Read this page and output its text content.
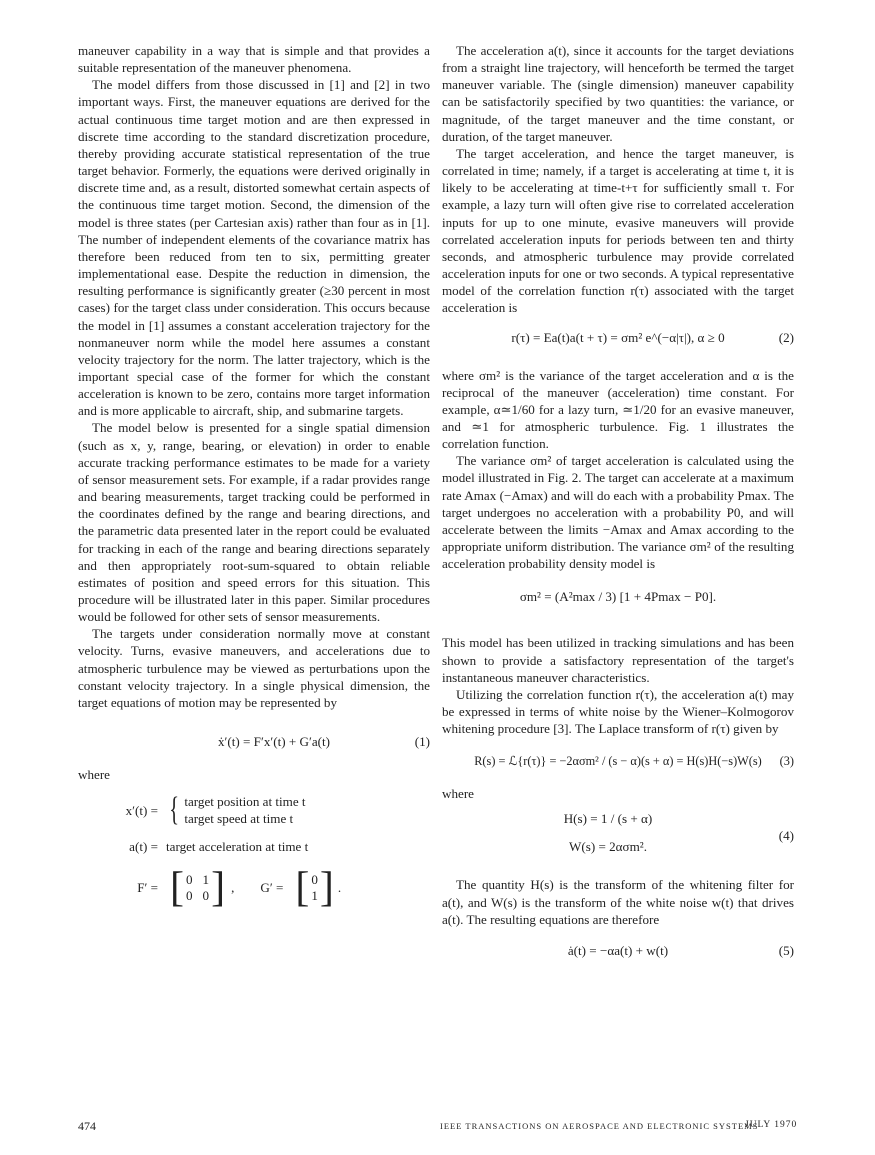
maneuver capability in a way that is simple and that provides a suitable representation of the maneuver phenomena.

The model differs from those discussed in [1] and [2] in two important ways. First, the maneuver equations are derived for the actual continuous time target motion and are then expressed in discrete time according to the standard discretization procedure, thereby providing accurate statistical representation of the true target behavior. Formerly, the equations were derived originally in discrete time and, as a result, distorted somewhat certain aspects of the continuous time target motion. Second, the dimension of the model is three states (per Cartesian axis) rather than four as in [1]. The number of independent elements of the covariance matrix has therefore been reduced from ten to six, permitting greater implementational ease. Despite the reduction in dimension, the resulting performance is significantly greater (≥30 percent in most cases) for the target class under consideration. This occurs because the model in [1] assumes a constant acceleration trajectory for the nonmaneuver norm while the model here assumes a constant velocity trajectory for the norm. The latter trajectory, which is the important special case of the former for which the constant acceleration is known to be zero, contains more target information and is more applicable to aircraft, ship, and submarine targets.

The model below is presented for a single spatial dimension (such as x, y, range, bearing, or elevation) in order to enable accurate tracking performance estimates to be made for a variety of sensor measurement sets. For example, if a radar provides range and bearing measurements, target tracking could be performed in the coordinates defined by the range and bearing directions, and the parametric data presented later in the report could be evaluated for tracking in each of the range and bearing directions separately and then appropriately root-sum-squared to obtain reliable estimates of position and speed errors for this situation. This procedure will be illustrated later in this paper. Similar procedures would be followed for other sets of sensor measurements.

The targets under consideration normally move at constant velocity. Turns, evasive maneuvers, and accelerations due to atmospheric turbulence may be viewed as perturbations upon the constant velocity trajectory. In a single physical dimension, the target equations of motion may be represented by

ẋ′(t) = F′x′(t) + G′a(t)	(1)
where
x′(t) = { target position at time t
target speed at time t
a(t) = target acceleration at time t
F′ = [ 0 1
0 0 ] , G′ = [ 0
1 ] .

The acceleration a(t), since it accounts for the target deviations from a straight line trajectory, will henceforth be termed the target maneuver variable. The (single dimension) maneuver capability can be satisfactorily specified by two quantities: the variance, or magnitude, of the target maneuver and the time constant, or duration, of the target maneuver.

The target acceleration, and hence the target maneuver, is correlated in time; namely, if a target is accelerating at time t, it is likely to be accelerating at time-t+τ for sufficiently small τ. For example, a lazy turn will often give rise to correlated acceleration inputs for up to one minute, evasive maneuvers will provide correlated acceleration inputs for periods between ten and thirty seconds, and atmospheric turbulence may provide correlated acceleration inputs for one or two seconds. A typical representative model of the correlation function r(τ) associated with the target acceleration is

r(τ) = Ea(t)a(t + τ) = σm² e^(−α|τ|), α ≥ 0	(2)

where σm² is the variance of the target acceleration and α is the reciprocal of the maneuver (acceleration) time constant. For example, α≃1/60 for a lazy turn, ≃1/20 for an evasive maneuver, and ≃1 for atmospheric turbulence. Fig. 1 illustrates the correlation function.

The variance σm² of target acceleration is calculated using the model illustrated in Fig. 2. The target can accelerate at a maximum rate Amax (−Amax) and will do each with a probability Pmax. The target undergoes no acceleration with a probability P0, and will accelerate between the limits −Amax and Amax according to the appropriate uniform distribution. The variance σm² of the resulting acceleration probability density model is

σm² = (A²max / 3) [1 + 4Pmax − P0].

This model has been utilized in tracking simulations and has been shown to provide a satisfactory representation of the target's instantaneous maneuver characteristics.

Utilizing the correlation function r(τ), the acceleration a(t) may be expressed in terms of white noise by the Wiener–Kolmogorov whitening procedure [3]. The Laplace transform of r(τ) given by

R(s) = ℒ{r(τ)} = −2ασm² / (s − α)(s + α) = H(s)H(−s)W(s) (3)
where
H(s) = 1 / (s + α)
W(s) = 2ασm².
(4)

The quantity H(s) is the transform of the whitening filter for a(t), and W(s) is the transform of the white noise w(t) that drives a(t). The resulting equations are therefore

ȧ(t) = −αa(t) + w(t)	(5)
474	IEEE TRANSACTIONS ON AEROSPACE AND ELECTRONIC SYSTEMS
JULY 1970
